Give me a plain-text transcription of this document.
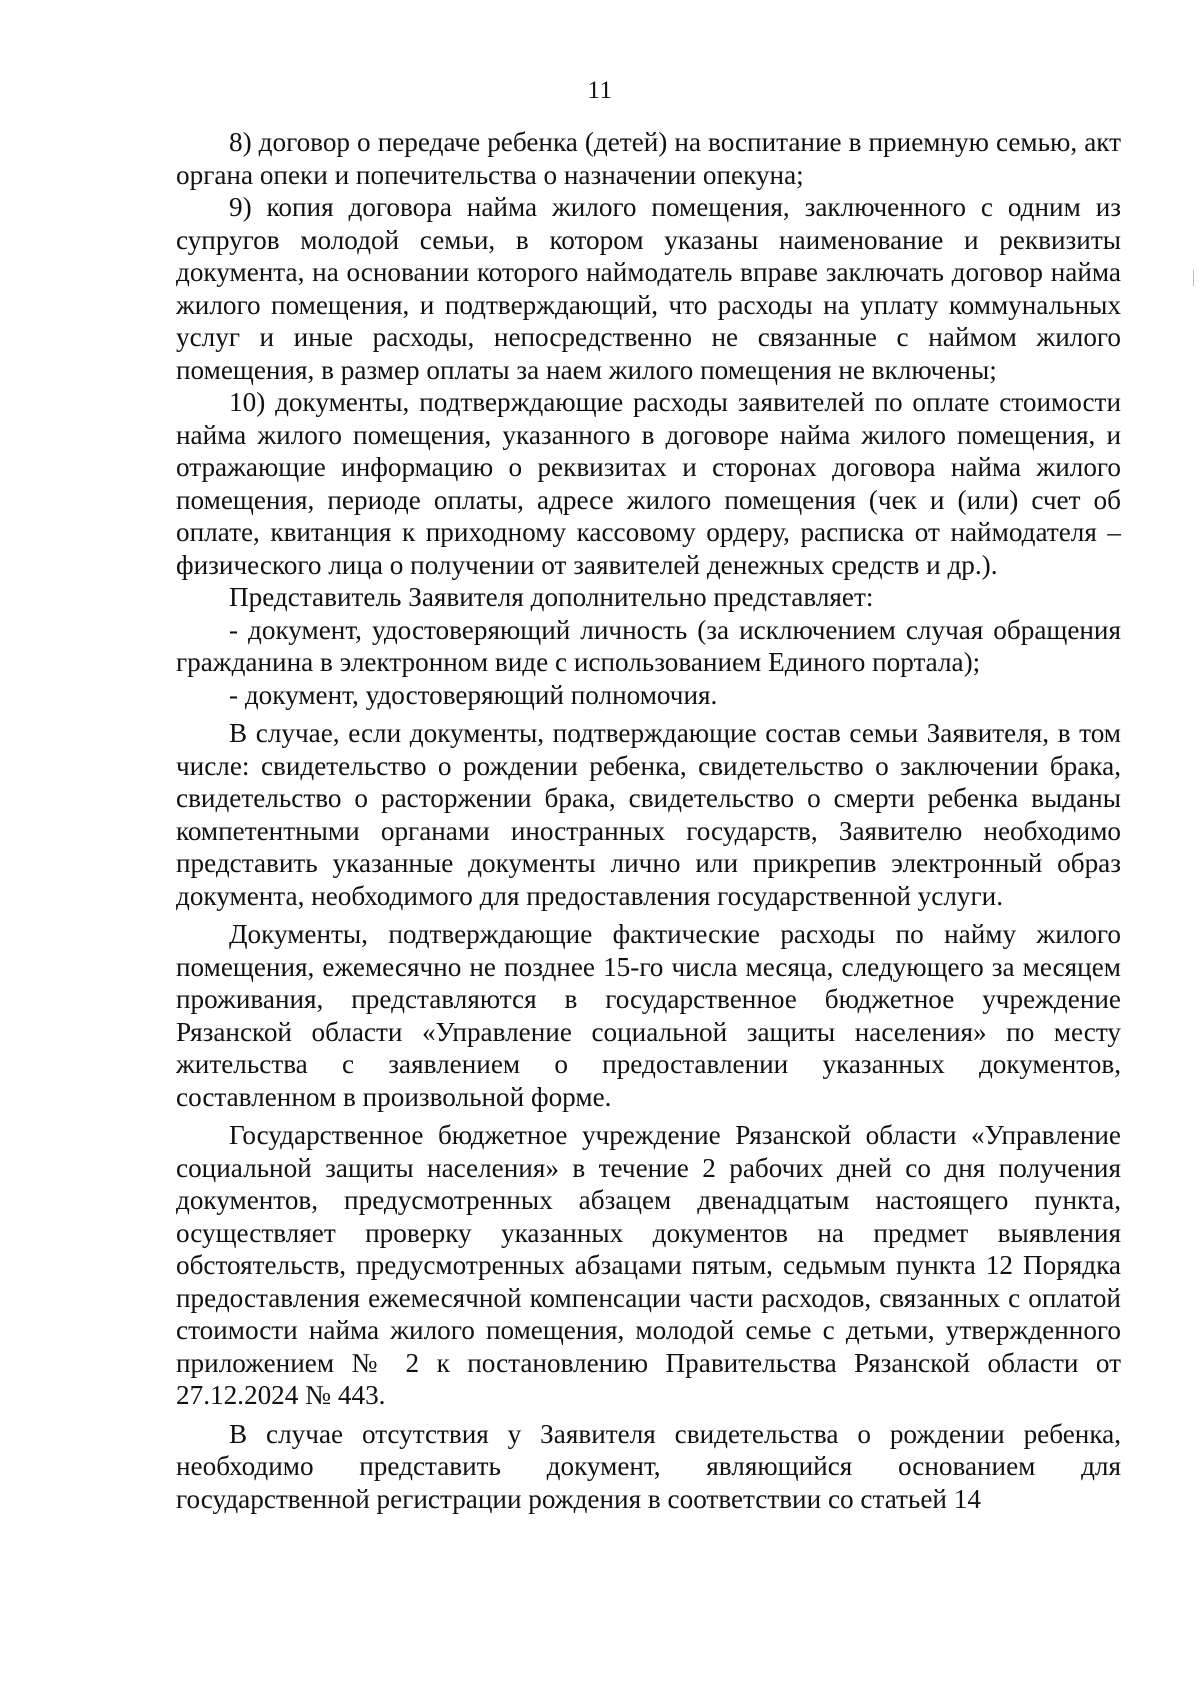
11

8) договор о передаче ребенка (детей) на воспитание в приемную семью, акт органа опеки и попечительства о назначении опекуна;

9) копия договора найма жилого помещения, заключенного с одним из супругов молодой семьи, в котором указаны наименование и реквизиты документа, на основании которого наймодатель вправе заключать договор найма жилого помещения, и подтверждающий, что расходы на уплату коммунальных услуг и иные расходы, непосредственно не связанные с наймом жилого помещения, в размер оплаты за наем жилого помещения не включены;

10) документы, подтверждающие расходы заявителей по оплате стоимости найма жилого помещения, указанного в договоре найма жилого помещения, и отражающие информацию о реквизитах и сторонах договора найма жилого помещения, периоде оплаты, адресе жилого помещения (чек и (или) счет об оплате, квитанция к приходному кассовому ордеру, расписка от наймодателя – физического лица о получении от заявителей денежных средств и др.).

Представитель Заявителя дополнительно представляет:

- документ, удостоверяющий личность (за исключением случая обращения гражданина в электронном виде с использованием Единого портала);

- документ, удостоверяющий полномочия.

В случае, если документы, подтверждающие состав семьи Заявителя, в том числе: свидетельство о рождении ребенка, свидетельство о заключении брака, свидетельство о расторжении брака, свидетельство о смерти ребенка выданы компетентными органами иностранных государств, Заявителю необходимо представить указанные документы лично или прикрепив электронный образ документа, необходимого для предоставления государственной услуги.

Документы, подтверждающие фактические расходы по найму жилого помещения, ежемесячно не позднее 15-го числа месяца, следующего за месяцем проживания, представляются в государственное бюджетное учреждение Рязанской области «Управление социальной защиты населения» по месту жительства с заявлением о предоставлении указанных документов, составленном в произвольной форме.

Государственное бюджетное учреждение Рязанской области «Управление социальной защиты населения» в течение 2 рабочих дней со дня получения документов, предусмотренных абзацем двенадцатым настоящего пункта, осуществляет проверку указанных документов на предмет выявления обстоятельств, предусмотренных абзацами пятым, седьмым пункта 12 Порядка предоставления ежемесячной компенсации части расходов, связанных с оплатой стоимости найма жилого помещения, молодой семье с детьми, утвержденного приложением № 2 к постановлению Правительства Рязанской области от 27.12.2024 № 443.

В случае отсутствия у Заявителя свидетельства о рождении ребенка, необходимо представить документ, являющийся основанием для государственной регистрации рождения в соответствии со статьей 14
